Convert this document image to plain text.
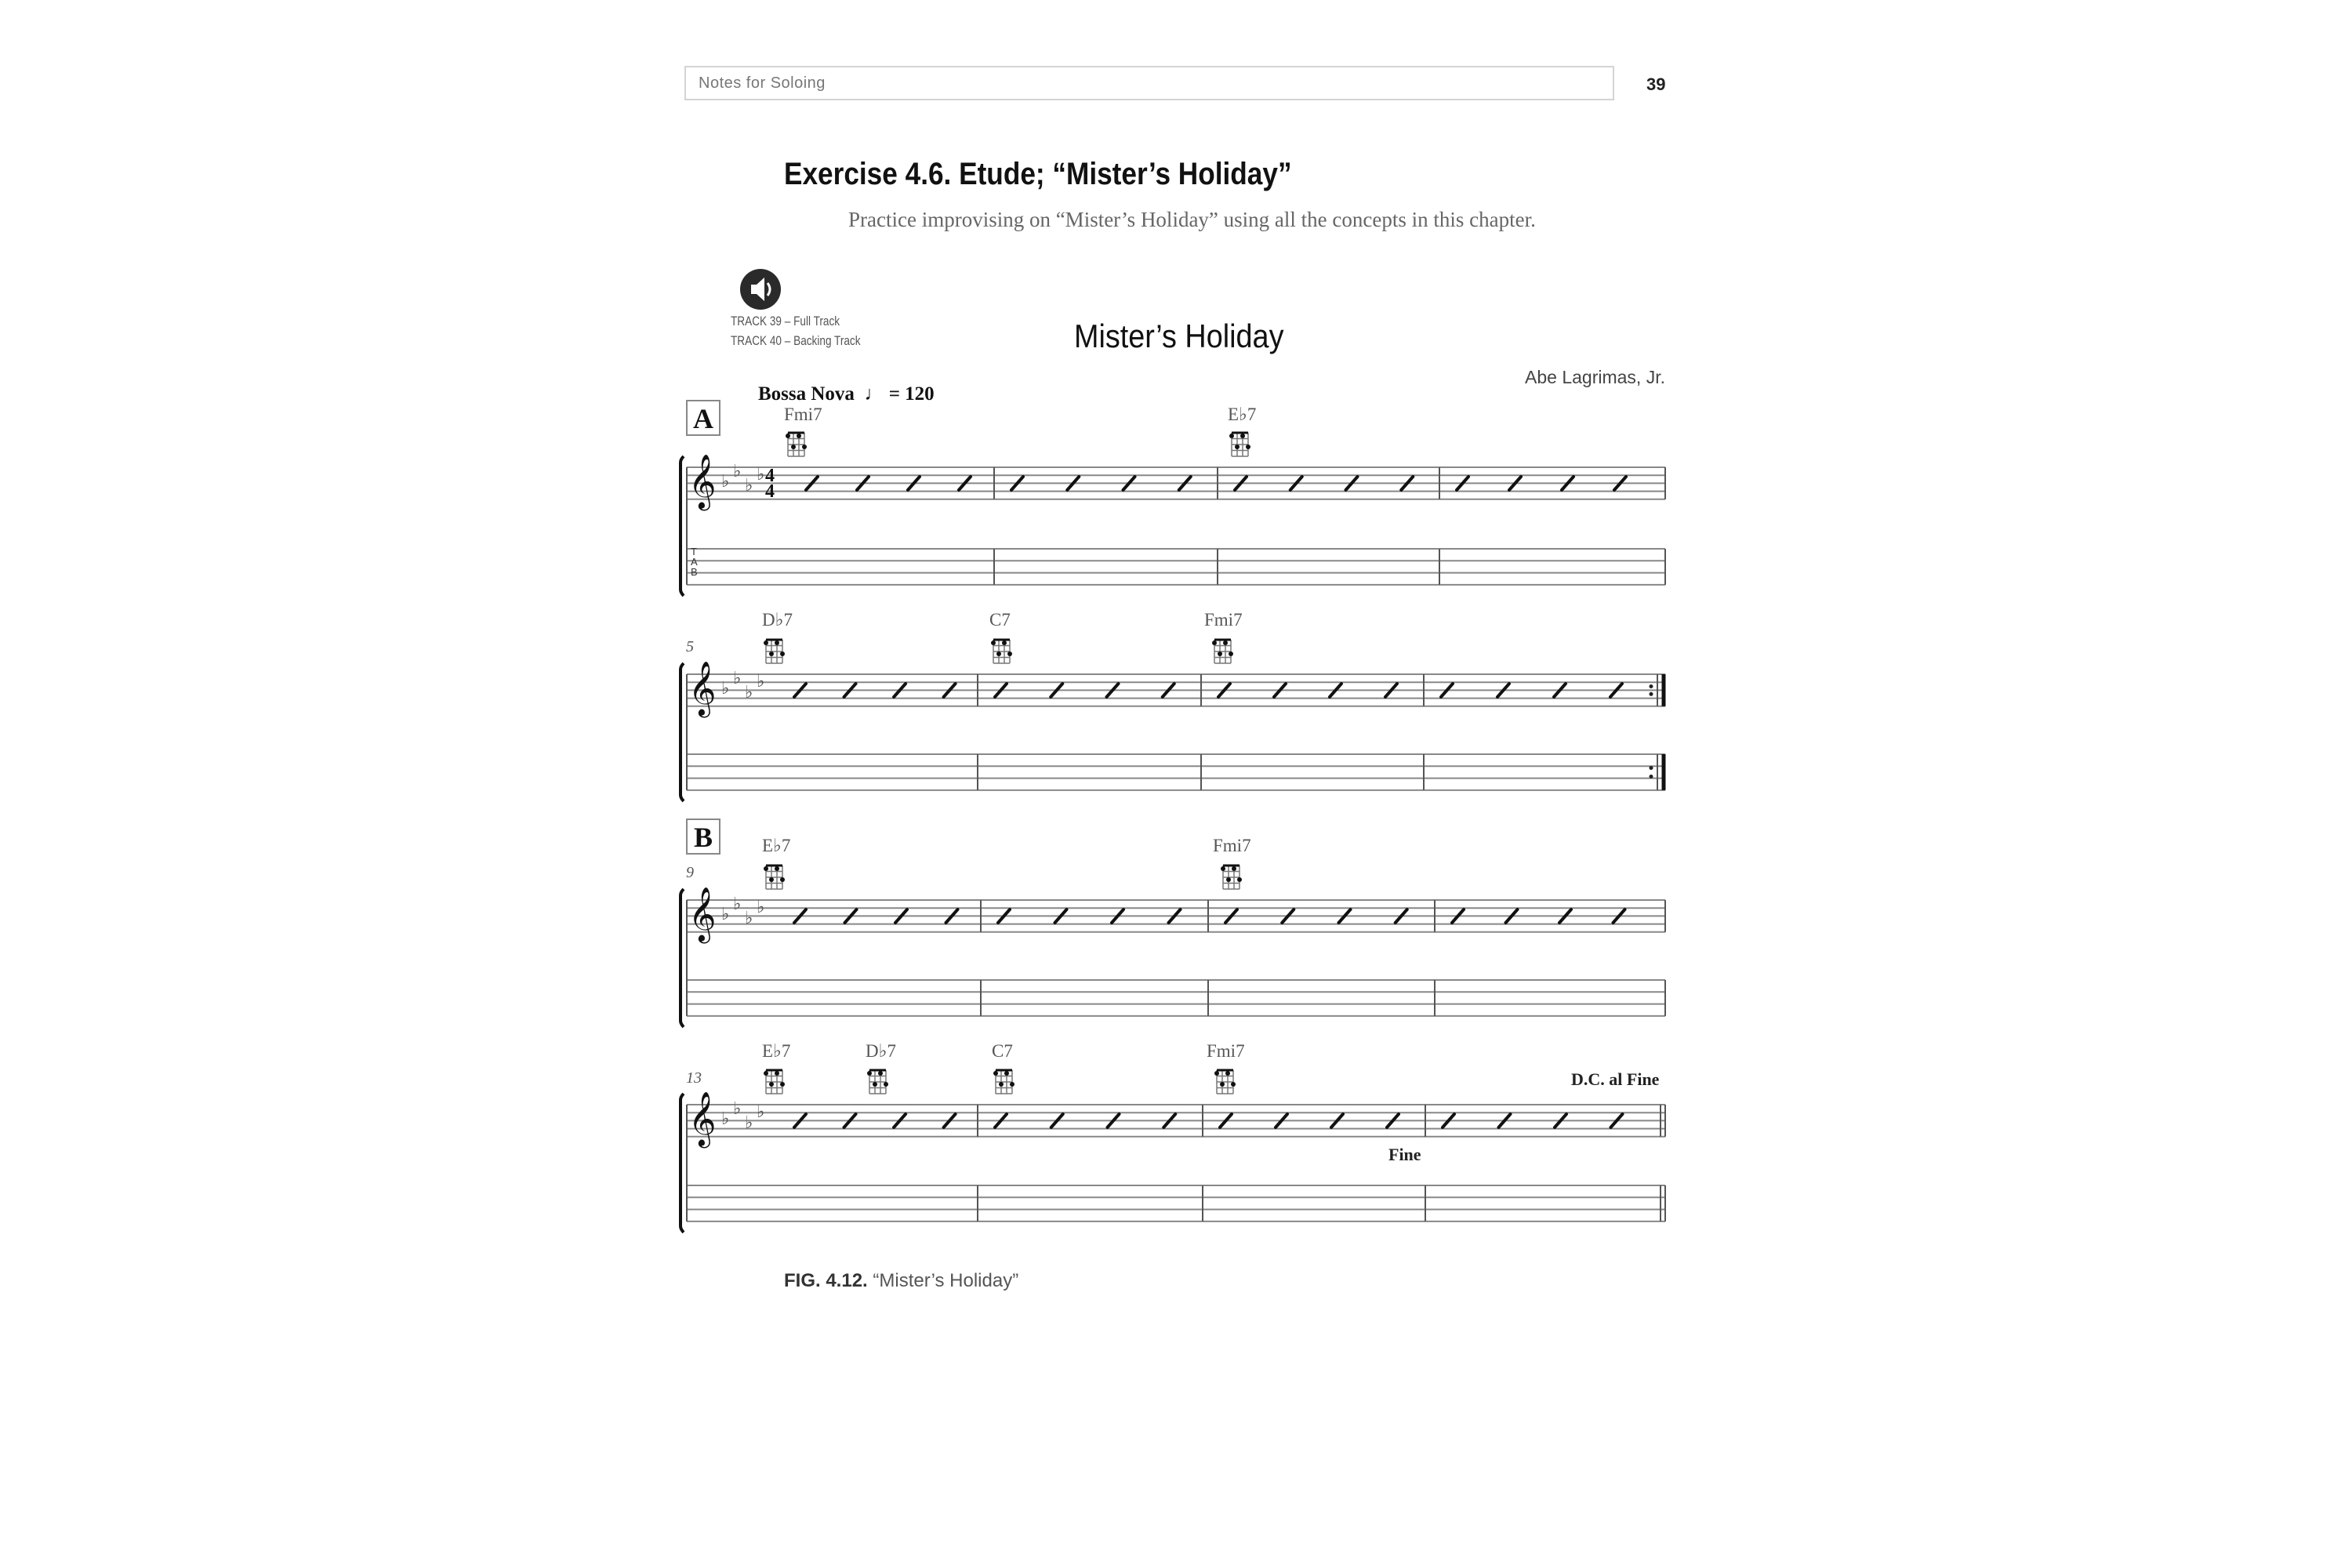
Notes for Soloing	39
Exercise 4.6. Etude; “Mister’s Holiday”
Practice improvising on “Mister’s Holiday” using all the concepts in this chapter.
TRACK 39 – Full Track
TRACK 40 – Backing Track	Mister’s Holiday
Abe Lagrimas, Jr.
Bossa Nova ♩ = 120
A
B
Fmi7	E♭7
D♭7	C7	Fmi7
E♭7	Fmi7
E♭7	D♭7	C7	Fmi7
5
9
13	D.C. al Fine
Fine
FIG. 4.12. “Mister’s Holiday”
𝄞 ♭
♭
♭
♭ 4
4
T
A
B
𝄞 ♭
♭
♭
♭
𝄞 ♭
♭
♭
♭
𝄞 ♭
♭
♭
♭
